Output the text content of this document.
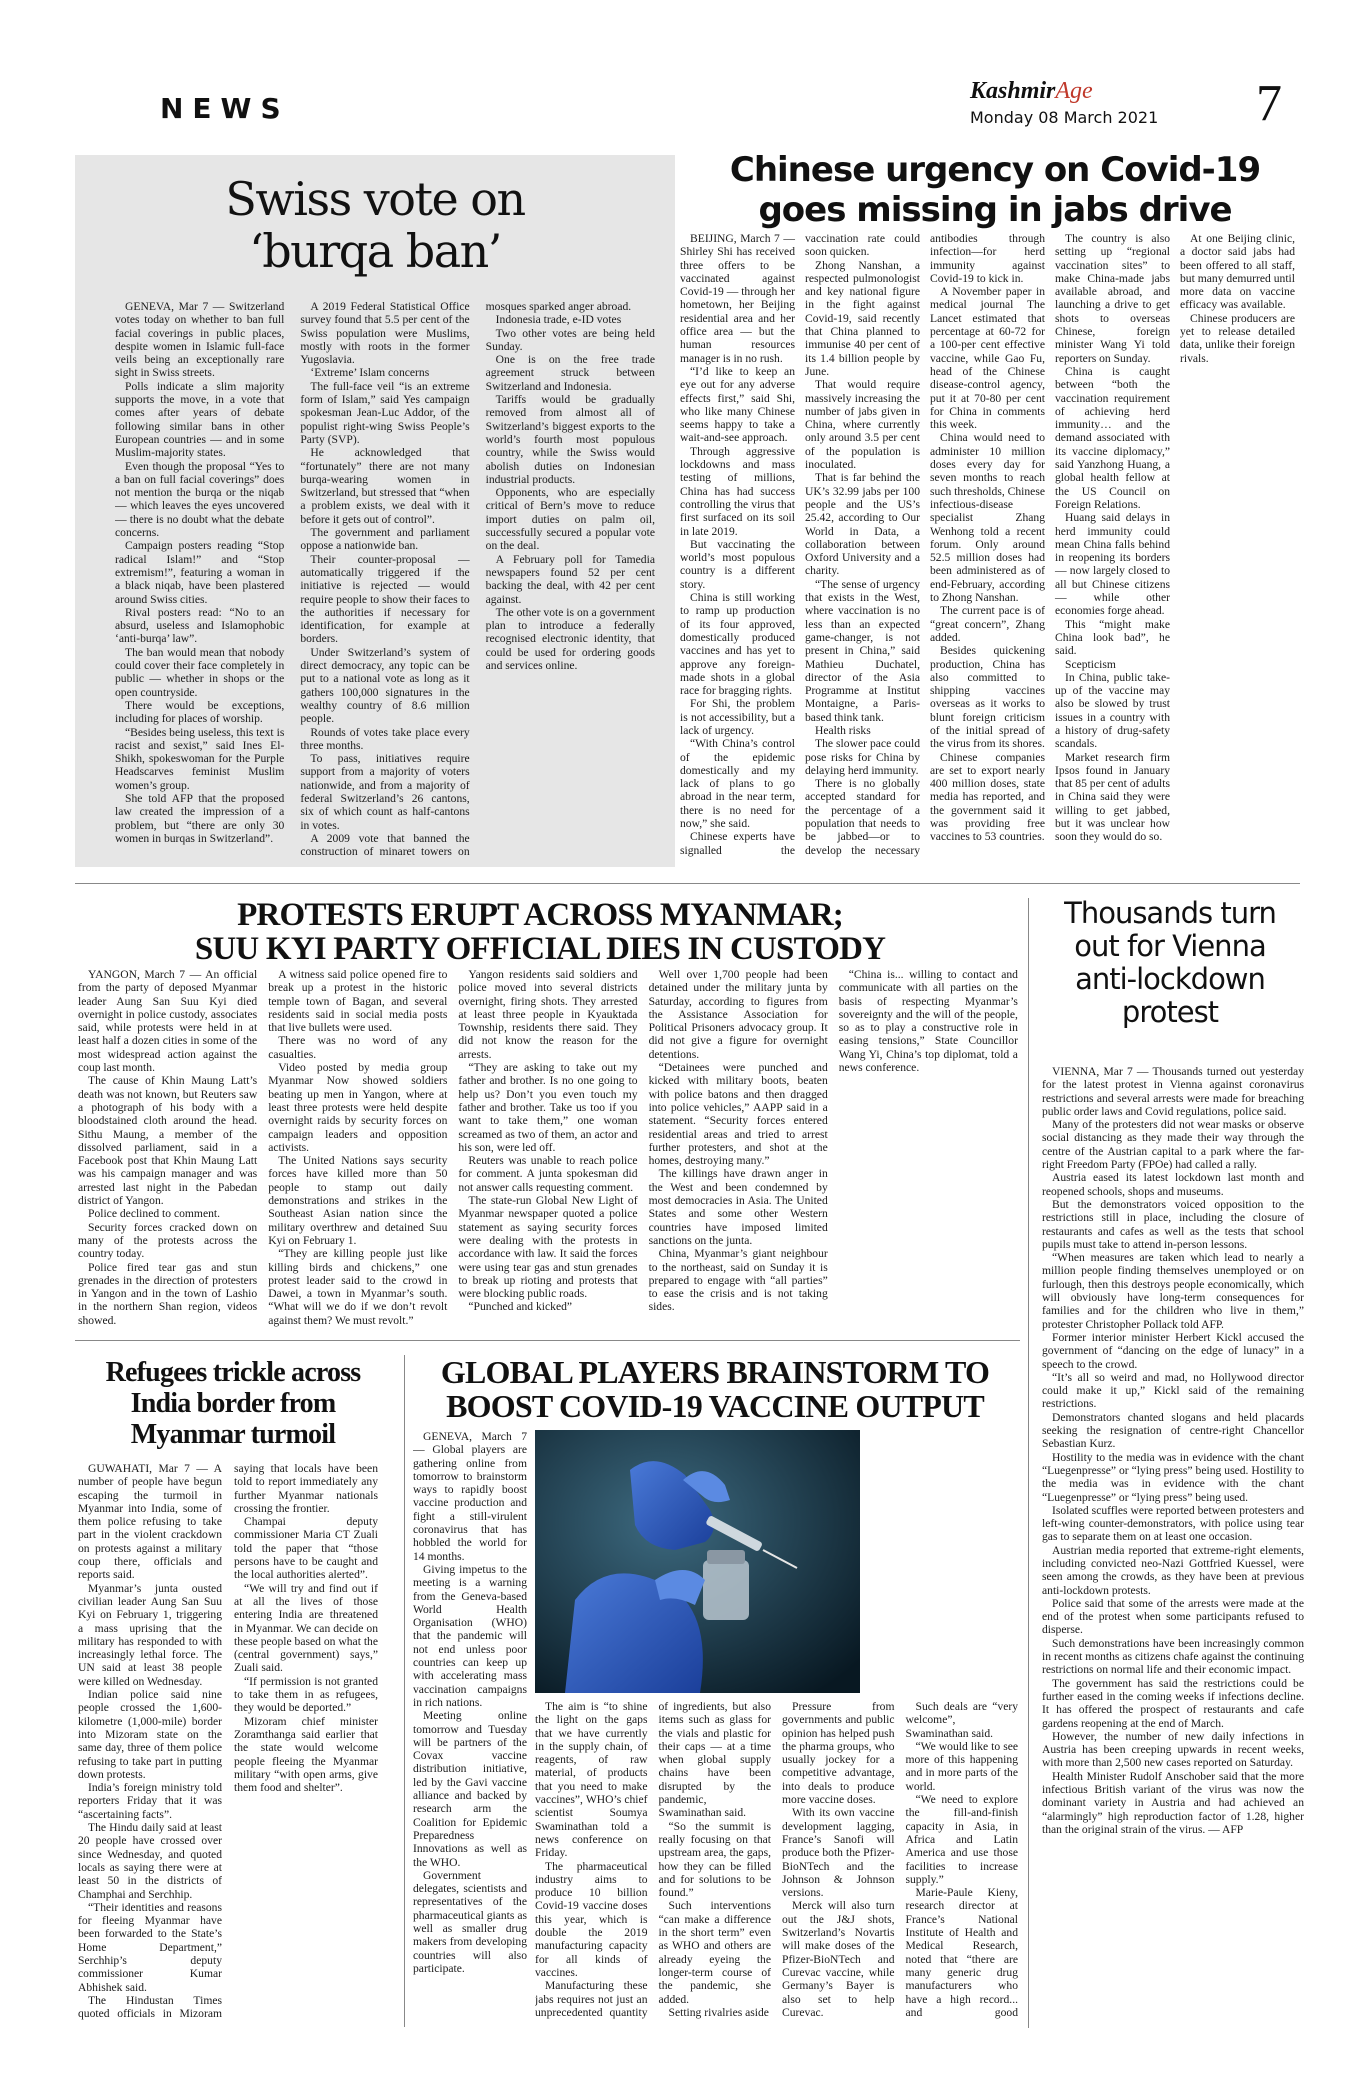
NEWS
KashmirAge
Monday 08 March 2021 7
Swiss vote on ‘burqa ban’

GENEVA, Mar 7 — Switzerland votes today on whether to ban full facial coverings in public places, despite women in Islamic full-face veils being an exceptionally rare sight in Swiss streets.

Polls indicate a slim majority supports the move, in a vote that comes after years of debate following similar bans in other European countries — and in some Muslim-majority states.

Even though the proposal “Yes to a ban on full facial coverings” does not mention the burqa or the niqab — which leaves the eyes uncovered — there is no doubt what the debate concerns.

Campaign posters reading “Stop radical Islam!” and “Stop extremism!”, featuring a woman in a black niqab, have been plastered around Swiss cities.

Rival posters read: “No to an absurd, useless and Islamophobic ‘anti-burqa’ law”.

The ban would mean that nobody could cover their face completely in public — whether in shops or the open countryside.

There would be exceptions, including for places of worship.

“Besides being useless, this text is racist and sexist,” said Ines El-Shikh, spokeswoman for the Purple Headscarves feminist Muslim women’s group.

She told AFP that the proposed law created the impression of a problem, but “there are only 30 women in burqas in Switzerland”.

A 2019 Federal Statistical Office survey found that 5.5 per cent of the Swiss population were Muslims, mostly with roots in the former Yugoslavia.

‘Extreme’ Islam concerns

The full-face veil “is an extreme form of Islam,” said Yes campaign spokesman Jean-Luc Addor, of the populist right-wing Swiss People’s Party (SVP).

He acknowledged that “fortunately” there are not many burqa-wearing women in Switzerland, but stressed that “when a problem exists, we deal with it before it gets out of control”.

The government and parliament oppose a nationwide ban.

Their counter-proposal — automatically triggered if the initiative is rejected — would require people to show their faces to the authorities if necessary for identification, for example at borders.

Under Switzerland’s system of direct democracy, any topic can be put to a national vote as long as it gathers 100,000 signatures in the wealthy country of 8.6 million people.

Rounds of votes take place every three months.

To pass, initiatives require support from a majority of voters nationwide, and from a majority of federal Switzerland’s 26 cantons, six of which count as half-cantons in votes.

A 2009 vote that banned the construction of minaret towers on mosques sparked anger abroad.

Indonesia trade, e-ID votes

Two other votes are being held Sunday.

One is on the free trade agreement struck between Switzerland and Indonesia.

Tariffs would be gradually removed from almost all of Switzerland’s biggest exports to the world’s fourth most populous country, while the Swiss would abolish duties on Indonesian industrial products.

Opponents, who are especially critical of Bern’s move to reduce import duties on palm oil, successfully secured a popular vote on the deal.

A February poll for Tamedia newspapers found 52 per cent backing the deal, with 42 per cent against.

The other vote is on a government plan to introduce a federally recognised electronic identity, that could be used for ordering goods and services online.

Chinese urgency on Covid-19
goes missing in jabs drive

BEIJING, March 7 — Shirley Shi has received three offers to be vaccinated against Covid-19 — through her hometown, her Beijing residential area and her office area — but the human resources manager is in no rush.

“I’d like to keep an eye out for any adverse effects first,” said Shi, who like many Chinese seems happy to take a wait-and-see approach.

Through aggressive lockdowns and mass testing of millions, China has had success controlling the virus that first surfaced on its soil in late 2019.

But vaccinating the world’s most populous country is a different story.

China is still working to ramp up production of its four approved, domestically produced vaccines and has yet to approve any foreign-made shots in a global race for bragging rights.

For Shi, the problem is not accessibility, but a lack of urgency.

“With China’s control of the epidemic domestically and my lack of plans to go abroad in the near term, there is no need for now,” she said.

Chinese experts have signalled the vaccination rate could soon quicken.

Zhong Nanshan, a respected pulmonologist and key national figure in the fight against Covid-19, said recently that China planned to immunise 40 per cent of its 1.4 billion people by June.

That would require massively increasing the number of jabs given in China, where currently only around 3.5 per cent of the population is inoculated.

That is far behind the UK’s 32.99 jabs per 100 people and the US’s 25.42, according to Our World in Data, a collaboration between Oxford University and a charity.

“The sense of urgency that exists in the West, where vaccination is no less than an expected game-changer, is not present in China,” said Mathieu Duchatel, director of the Asia Programme at Institut Montaigne, a Paris-based think tank.

Health risks

The slower pace could pose risks for China by delaying herd immunity.

There is no globally accepted standard for the percentage of a population that needs to be jabbed—or to develop the necessary antibodies through infection—for herd immunity against Covid-19 to kick in.

A November paper in medical journal The Lancet estimated that percentage at 60-72 for a 100-per cent effective vaccine, while Gao Fu, head of the Chinese disease-control agency, put it at 70-80 per cent for China in comments this week.

China would need to administer 10 million doses every day for seven months to reach such thresholds, Chinese infectious-disease specialist Zhang Wenhong told a recent forum. Only around 52.5 million doses had been administered as of end-February, according to Zhong Nanshan.

The current pace is of “great concern”, Zhang added.

Besides quickening production, China has also committed to shipping vaccines overseas as it works to blunt foreign criticism of the initial spread of the virus from its shores.

Chinese companies are set to export nearly 400 million doses, state media has reported, and the government said it was providing free vaccines to 53 countries.

The country is also setting up “regional vaccination sites” to make China-made jabs available abroad, and launching a drive to get shots to overseas Chinese, foreign minister Wang Yi told reporters on Sunday.

China is caught between “both the vaccination requirement of achieving herd immunity… and the demand associated with its vaccine diplomacy,” said Yanzhong Huang, a global health fellow at the US Council on Foreign Relations.

Huang said delays in herd immunity could mean China falls behind in reopening its borders — now largely closed to all but Chinese citizens — while other economies forge ahead.

This “might make China look bad”, he said.

Scepticism

In China, public take-up of the vaccine may also be slowed by trust issues in a country with a history of drug-safety scandals.

Market research firm Ipsos found in January that 85 per cent of adults in China said they were willing to get jabbed, but it was unclear how soon they would do so.

At one Beijing clinic, a doctor said jabs had been offered to all staff, but many demurred until more data on vaccine efficacy was available.

Chinese producers are yet to release detailed data, unlike their foreign rivals.

PROTESTS ERUPT ACROSS MYANMAR;
SUU KYI PARTY OFFICIAL DIES IN CUSTODY

YANGON, March 7 — An official from the party of deposed Myanmar leader Aung San Suu Kyi died overnight in police custody, associates said, while protests were held in at least half a dozen cities in some of the most widespread action against the coup last month.

The cause of Khin Maung Latt’s death was not known, but Reuters saw a photograph of his body with a bloodstained cloth around the head. Sithu Maung, a member of the dissolved parliament, said in a Facebook post that Khin Maung Latt was his campaign manager and was arrested last night in the Pabedan district of Yangon.

Police declined to comment.

Security forces cracked down on many of the protests across the country today.

Police fired tear gas and stun grenades in the direction of protesters in Yangon and in the town of Lashio in the northern Shan region, videos showed.

A witness said police opened fire to break up a protest in the historic temple town of Bagan, and several residents said in social media posts that live bullets were used.

There was no word of any casualties.

Video posted by media group Myanmar Now showed soldiers beating up men in Yangon, where at least three protests were held despite overnight raids by security forces on campaign leaders and opposition activists.

The United Nations says security forces have killed more than 50 people to stamp out daily demonstrations and strikes in the Southeast Asian nation since the military overthrew and detained Suu Kyi on February 1.

“They are killing people just like killing birds and chickens,” one protest leader said to the crowd in Dawei, a town in Myanmar’s south. “What will we do if we don’t revolt against them? We must revolt.”

Yangon residents said soldiers and police moved into several districts overnight, firing shots. They arrested at least three people in Kyauktada Township, residents there said. They did not know the reason for the arrests.

“They are asking to take out my father and brother. Is no one going to help us? Don’t you even touch my father and brother. Take us too if you want to take them,” one woman screamed as two of them, an actor and his son, were led off.

Reuters was unable to reach police for comment. A junta spokesman did not answer calls requesting comment.

The state-run Global New Light of Myanmar newspaper quoted a police statement as saying security forces were dealing with the protests in accordance with law. It said the forces were using tear gas and stun grenades to break up rioting and protests that were blocking public roads.

“Punched and kicked”

Well over 1,700 people had been detained under the military junta by Saturday, according to figures from the Assistance Association for Political Prisoners advocacy group. It did not give a figure for overnight detentions.

“Detainees were punched and kicked with military boots, beaten with police batons and then dragged into police vehicles,” AAPP said in a statement. “Security forces entered residential areas and tried to arrest further protesters, and shot at the homes, destroying many.”

The killings have drawn anger in the West and been condemned by most democracies in Asia. The United States and some other Western countries have imposed limited sanctions on the junta.

China, Myanmar’s giant neighbour to the northeast, said on Sunday it is prepared to engage with “all parties” to ease the crisis and is not taking sides.

“China is... willing to contact and communicate with all parties on the basis of respecting Myanmar’s sovereignty and the will of the people, so as to play a constructive role in easing tensions,” State Councillor Wang Yi, China’s top diplomat, told a news conference.

Thousands turn out for Vienna anti-lockdown protest

VIENNA, Mar 7 — Thousands turned out yesterday for the latest protest in Vienna against coronavirus restrictions and several arrests were made for breaching public order laws and Covid regulations, police said.

Many of the protesters did not wear masks or observe social distancing as they made their way through the centre of the Austrian capital to a park where the far-right Freedom Party (FPOe) had called a rally.

Austria eased its latest lockdown last month and reopened schools, shops and museums.

But the demonstrators voiced opposition to the restrictions still in place, including the closure of restaurants and cafes as well as the tests that school pupils must take to attend in-person lessons.

“When measures are taken which lead to nearly a million people finding themselves unemployed or on furlough, then this destroys people economically, which will obviously have long-term consequences for families and for the children who live in them,” protester Christopher Pollack told AFP.

Former interior minister Herbert Kickl accused the government of “dancing on the edge of lunacy” in a speech to the crowd.

“It’s all so weird and mad, no Hollywood director could make it up,” Kickl said of the remaining restrictions.

Demonstrators chanted slogans and held placards seeking the resignation of centre-right Chancellor Sebastian Kurz.

Hostility to the media was in evidence with the chant “Luegenpresse” or “lying press” being used. Hostility to the media was in evidence with the chant “Luegenpresse” or “lying press” being used.

Isolated scuffles were reported between protesters and left-wing counter-demonstrators, with police using tear gas to separate them on at least one occasion.

Austrian media reported that extreme-right elements, including convicted neo-Nazi Gottfried Kuessel, were seen among the crowds, as they have been at previous anti-lockdown protests.

Police said that some of the arrests were made at the end of the protest when some participants refused to disperse.

Such demonstrations have been increasingly common in recent months as citizens chafe against the continuing restrictions on normal life and their economic impact.

The government has said the restrictions could be further eased in the coming weeks if infections decline. It has offered the prospect of restaurants and cafe gardens reopening at the end of March.

However, the number of new daily infections in Austria has been creeping upwards in recent weeks, with more than 2,500 new cases reported on Saturday.

Health Minister Rudolf Anschober said that the more infectious British variant of the virus was now the dominant variety in Austria and had achieved an “alarmingly” high reproduction factor of 1.28, higher than the original strain of the virus. — AFP

Refugees trickle across India border from Myanmar turmoil

GUWAHATI, Mar 7 — A number of people have begun escaping the turmoil in Myanmar into India, some of them police refusing to take part in the violent crackdown on protests against a military coup there, officials and reports said.

Myanmar’s junta ousted civilian leader Aung San Suu Kyi on February 1, triggering a mass uprising that the military has responded to with increasingly lethal force. The UN said at least 38 people were killed on Wednesday.

Indian police said nine people crossed the 1,600-kilometre (1,000-mile) border into Mizoram state on the same day, three of them police refusing to take part in putting down protests.

India’s foreign ministry told reporters Friday that it was “ascertaining facts”.

The Hindu daily said at least 20 people have crossed over since Wednesday, and quoted locals as saying there were at least 50 in the districts of Champhai and Serchhip.

“Their identities and reasons for fleeing Myanmar have been forwarded to the State’s Home Department,” Serchhip’s deputy commissioner Kumar Abhishek said.

The Hindustan Times quoted officials in Mizoram saying that locals have been told to report immediately any further Myanmar nationals crossing the frontier.

Champai deputy commissioner Maria CT Zuali told the paper that “those persons have to be caught and the local authorities alerted”.

“We will try and find out if at all the lives of those entering India are threatened in Myanmar. We can decide on these people based on what the (central government) says,” Zuali said.

“If permission is not granted to take them in as refugees, they would be deported.”

Mizoram chief minister Zoramthanga said earlier that the state would welcome people fleeing the Myanmar military “with open arms, give them food and shelter”.

GLOBAL PLAYERS BRAINSTORM TO
BOOST COVID-19 VACCINE OUTPUT

GENEVA, March 7 — Global players are gathering online from tomorrow to brainstorm ways to rapidly boost vaccine production and fight a still-virulent coronavirus that has hobbled the world for 14 months.

Giving impetus to the meeting is a warning from the Geneva-based World Health Organisation (WHO) that the pandemic will not end unless poor countries can keep up with accelerating mass vaccination campaigns in rich nations.

Meeting online tomorrow and Tuesday will be partners of the Covax vaccine distribution initiative, led by the Gavi vaccine alliance and backed by research arm the Coalition for Epidemic Preparedness Innovations as well as the WHO.

Government delegates, scientists and representatives of the pharmaceutical giants as well as smaller drug makers from developing countries will also participate.

The aim is “to shine the light on the gaps that we have currently in the supply chain, of reagents, of raw material, of products that you need to make vaccines”, WHO’s chief scientist Soumya Swaminathan told a news conference on Friday.

The pharmaceutical industry aims to produce 10 billion Covid-19 vaccine doses this year, which is double the 2019 manufacturing capacity for all kinds of vaccines.

Manufacturing these jabs requires not just an unprecedented quantity of ingredients, but also items such as glass for the vials and plastic for their caps — at a time when global supply chains have been disrupted by the pandemic, Swaminathan said.

“So the summit is really focusing on that upstream area, the gaps, how they can be filled and for solutions to be found.”

Such interventions “can make a difference in the short term” even as WHO and others are already eyeing the longer-term course of the pandemic, she added.

Setting rivalries aside

Pressure from governments and public opinion has helped push the pharma groups, who usually jockey for a competitive advantage, into deals to produce more vaccine doses.

With its own vaccine development lagging, France’s Sanofi will produce both the Pfizer-BioNTech and the Johnson & Johnson versions.

Merck will also turn out the J&J shots, Switzerland’s Novartis will make doses of the Pfizer-BioNTech and Curevac vaccine, while Germany’s Bayer is also set to help Curevac.

Such deals are “very welcome”, Swaminathan said.

“We would like to see more of this happening and in more parts of the world.

“We need to explore the fill-and-finish capacity in Asia, in Africa and Latin America and use those facilities to increase supply.”

Marie-Paule Kieny, research director at France’s National Institute of Health and Medical Research, noted that “there are many generic drug manufacturers who have a high record... and good
